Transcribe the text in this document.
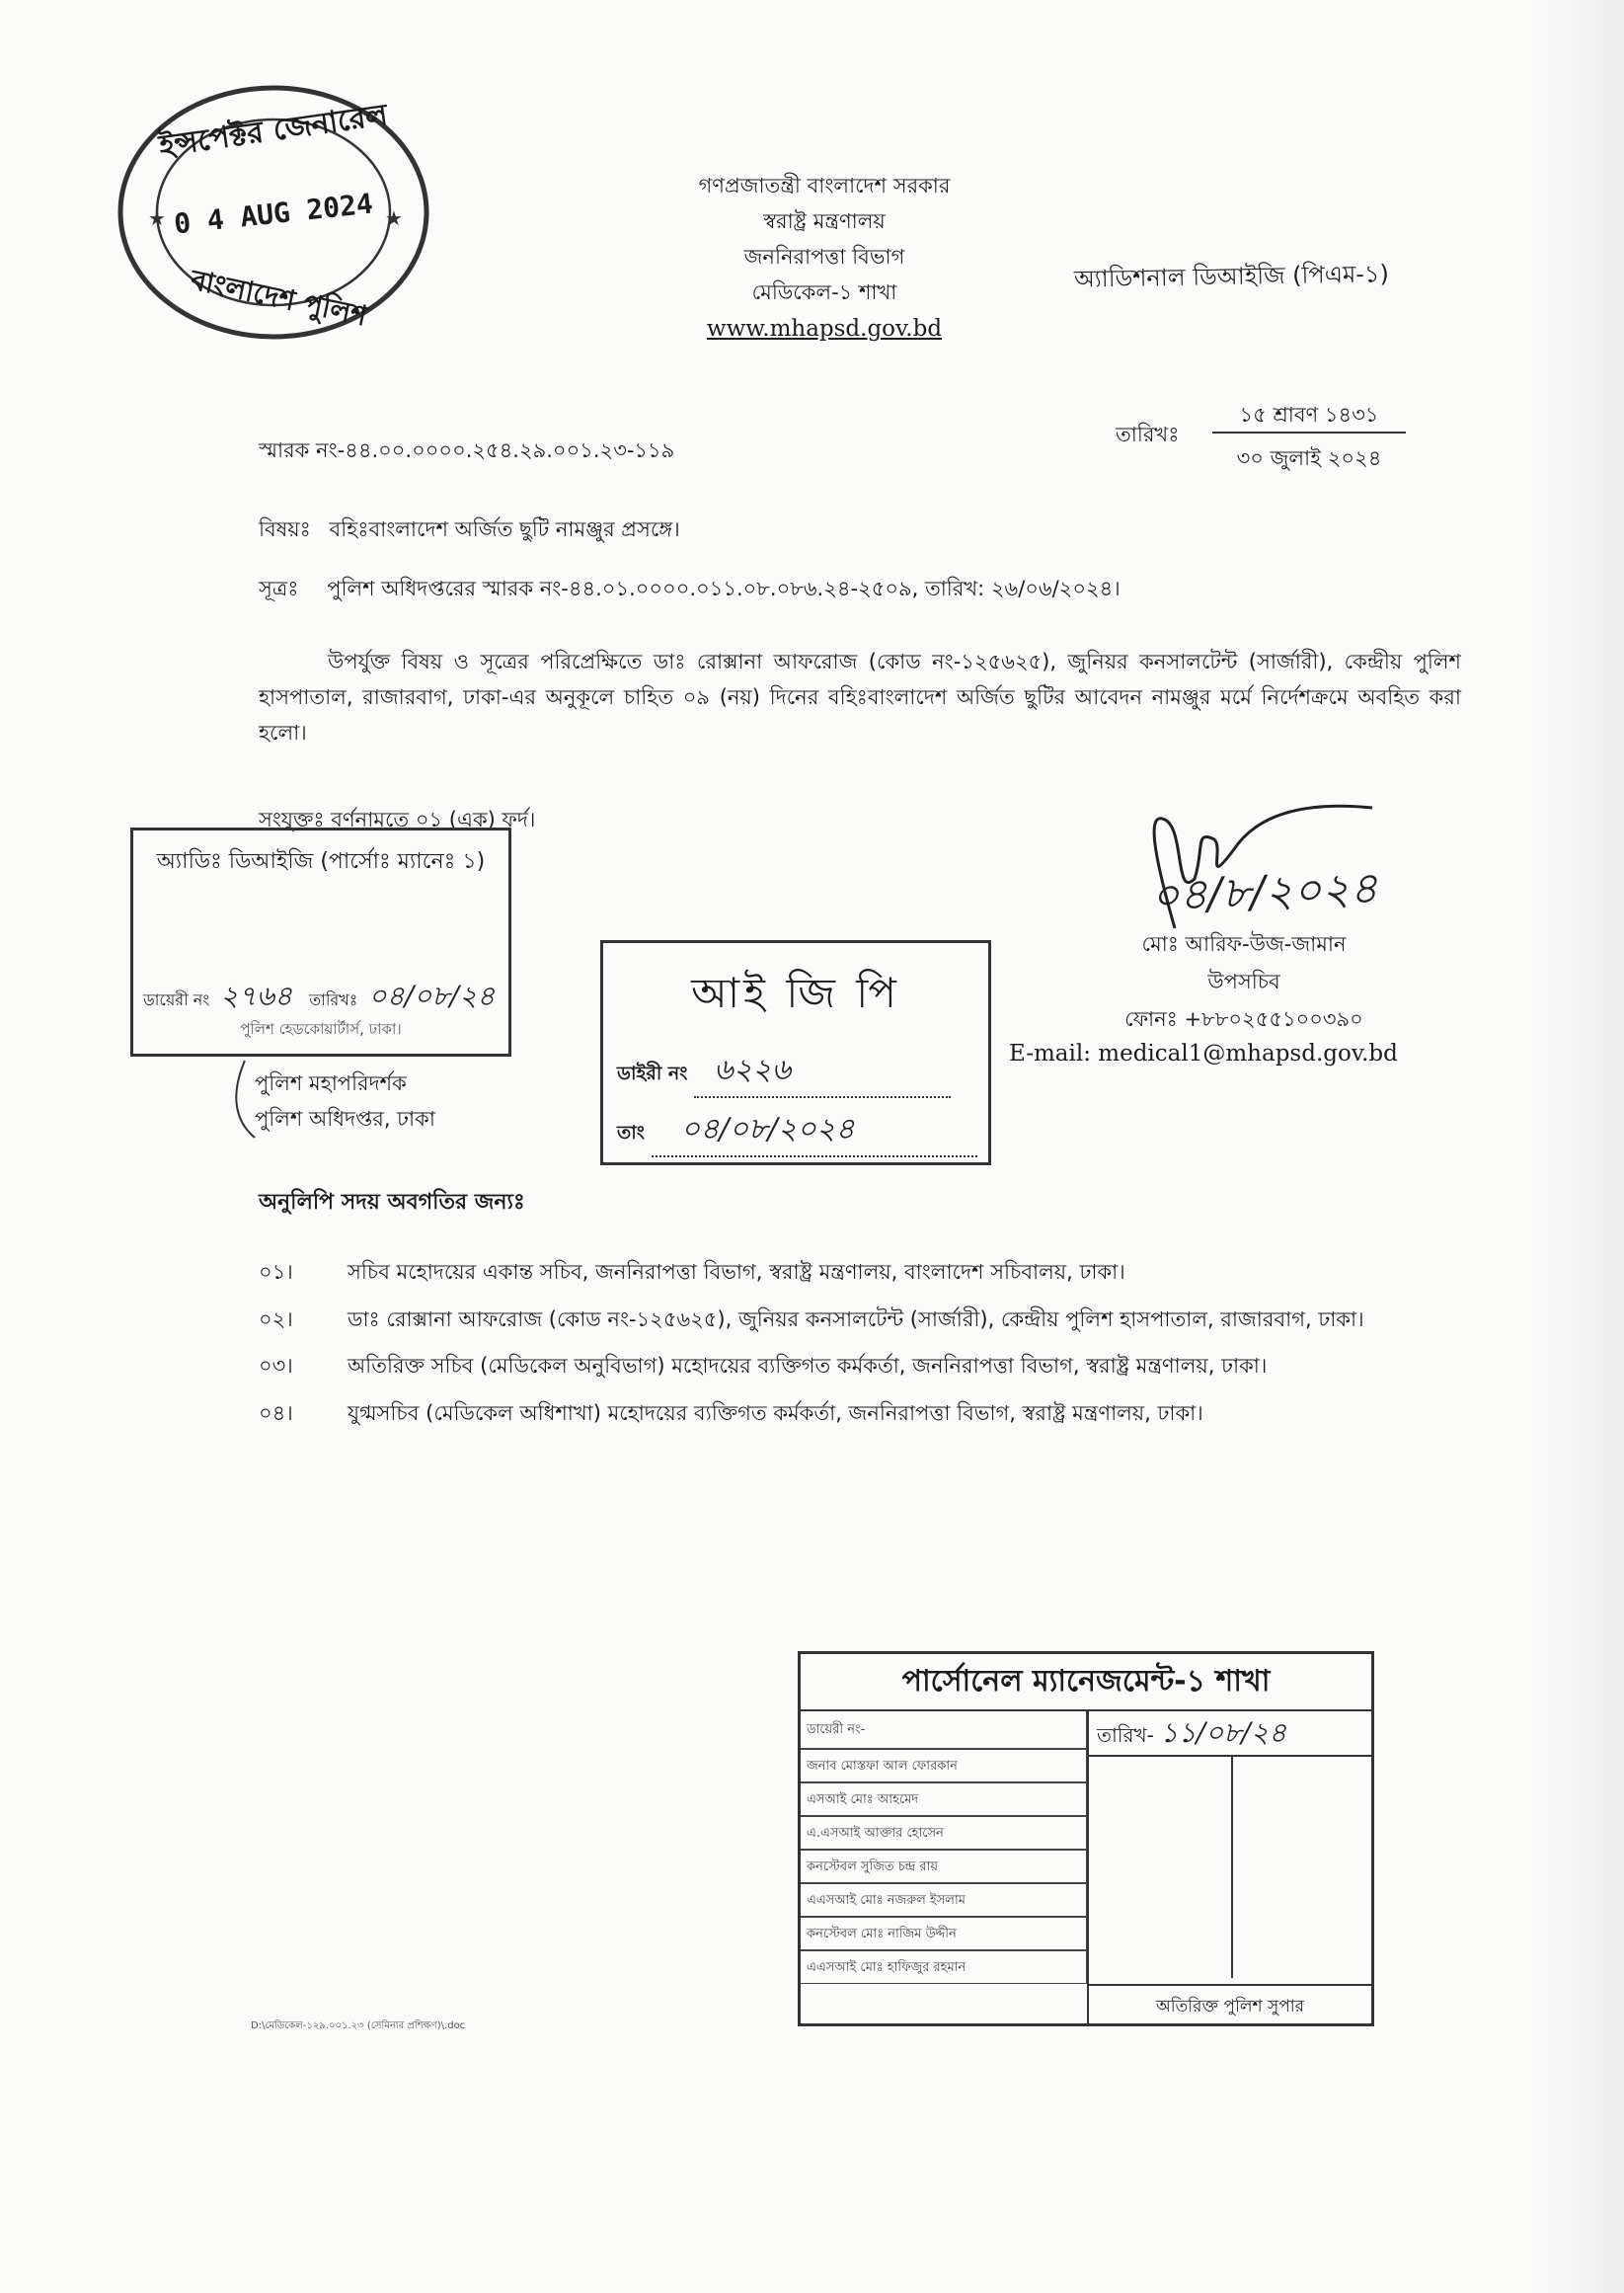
★	★
ইন্সপেক্টর জেনারেল
0 4 AUG 2024
বাংলাদেশ পুলিশ
গণপ্রজাতন্ত্রী বাংলাদেশ সরকার
স্বরাষ্ট্র মন্ত্রণালয়
জননিরাপত্তা বিভাগ
মেডিকেল-১ শাখা
www.mhapsd.gov.bd
অ্যাডিশনাল ডিআইজি (পিএম-১)
স্মারক নং-৪৪.০০.০০০০.২৫৪.২৯.০০১.২৩-১১৯
তারিখঃ
১৫ শ্রাবণ ১৪৩১
৩০ জুলাই ২০২৪
বিষয়ঃ বহিঃবাংলাদেশ অর্জিত ছুটি নামঞ্জুর প্রসঙ্গে।
সূত্রঃ পুলিশ অধিদপ্তরের স্মারক নং-৪৪.০১.০০০০.০১১.০৮.০৮৬.২৪-২৫০৯, তারিখ: ২৬/০৬/২০২৪।
উপর্যুক্ত বিষয় ও সূত্রের পরিপ্রেক্ষিতে ডাঃ রোক্সানা আফরোজ (কোড নং-১২৫৬২৫), জুনিয়র কনসালটেন্ট (সার্জারী), কেন্দ্রীয় পুলিশ হাসপাতাল, রাজারবাগ, ঢাকা-এর অনুকূলে চাহিত ০৯ (নয়) দিনের বহিঃবাংলাদেশ অর্জিত ছুটির আবেদন নামঞ্জুর মর্মে নির্দেশক্রমে অবহিত করা হলো।
সংযুক্তঃ বর্ণনামতে ০১ (এক) ফর্দ।
অ্যাডিঃ ডিআইজি (পার্সোঃ ম্যানেঃ ১)
ডায়েরী নং ২৭৬৪ তারিখঃ ০৪/০৮/২৪
পুলিশ হেডকোয়ার্টার্স, ঢাকা।
আই জি পি
ডাইরী নং ৬২২৬
তাং ০৪/০৮/২০২৪
পুলিশ মহাপরিদর্শক
পুলিশ অধিদপ্তর, ঢাকা
০৪/৮/২০২৪
মোঃ আরিফ-উজ-জামান
উপসচিব
ফোনঃ +৮৮০২৫৫১০০৩৯০
E-mail: medical1@mhapsd.gov.bd
অনুলিপি সদয় অবগতির জন্যঃ
০১।	সচিব মহোদয়ের একান্ত সচিব, জননিরাপত্তা বিভাগ, স্বরাষ্ট্র মন্ত্রণালয়, বাংলাদেশ সচিবালয়, ঢাকা।
০২।	ডাঃ রোক্সানা আফরোজ (কোড নং-১২৫৬২৫), জুনিয়র কনসালটেন্ট (সার্জারী), কেন্দ্রীয় পুলিশ হাসপাতাল, রাজারবাগ, ঢাকা।
০৩।	অতিরিক্ত সচিব (মেডিকেল অনুবিভাগ) মহোদয়ের ব্যক্তিগত কর্মকর্তা, জননিরাপত্তা বিভাগ, স্বরাষ্ট্র মন্ত্রণালয়, ঢাকা।
০৪।	যুগ্মসচিব (মেডিকেল অধিশাখা) মহোদয়ের ব্যক্তিগত কর্মকর্তা, জননিরাপত্তা বিভাগ, স্বরাষ্ট্র মন্ত্রণালয়, ঢাকা।
পার্সোনেল ম্যানেজমেন্ট-১ শাখা
ডায়েরী নং-
জনাব মোস্তফা আল ফোরকান
এসআই মোঃ আহমেদ
এ.এসআই আক্তার হোসেন
কনস্টেবল সুজিত চন্দ্র রায়
এএসআই মোঃ নজরুল ইসলাম
কনস্টেবল মোঃ নাজিম উদ্দীন
এএসআই মোঃ হাফিজুর রহমান
তারিখ- ১১/০৮/২৪
অতিরিক্ত পুলিশ সুপার
D:\মেডিকেল-১২৯.০০১.২৩ (সেমিনার প্রশিক্ষণ)\.doc
